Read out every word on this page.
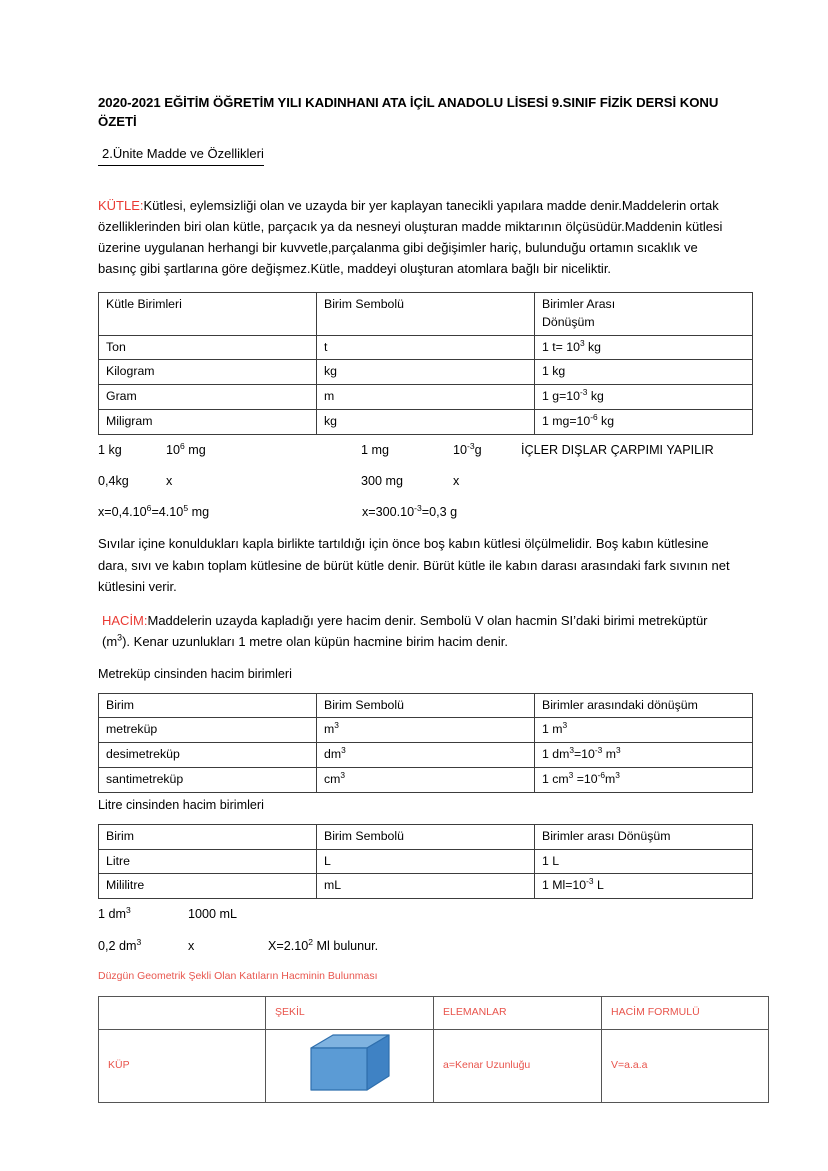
2020-2021 EĞİTİM ÖĞRETİM YILI KADINHANI ATA İÇİL ANADOLU LİSESİ 9.SINIF FİZİK DERSİ KONU ÖZETİ
2.Ünite Madde ve Özellikleri

KÜTLE:Kütlesi, eylemsizliği olan ve uzayda bir yer kaplayan tanecikli yapılara madde denir.Maddelerin ortak özelliklerinden biri olan kütle, parçacık ya da nesneyi oluşturan madde miktarının ölçüsüdür.Maddenin kütlesi üzerine uygulanan herhangi bir kuvvetle,parçalanma gibi değişimler hariç, bulunduğu ortamın sıcaklık ve basınç gibi şartlarına göre değişmez.Kütle, maddeyi oluşturan atomlara bağlı bir niceliktir.

Kütle Birimleri	Birim Sembolü	Birimler Arası
Dönüşüm
Ton	t	1 $t= 10^3$ kg
Kilogram	kg	1 kg
Gram	m	1 $g=10^{-3}$ kg
Miligram	kg	1 $mg=10^{-6}$ kg
1 kg	$10^6$ mg	1 mg	$10^{-3}g$	İÇLER DIŞLAR ÇARPIMI YAPILIR
0,4kg	x	300 mg	x
$x=0,4.10^6=4.10^5$ mg	$x=300.10^{-3}=0,3$ g

Sıvılar içine konuldukları kapla birlikte tartıldığı için önce boş kabın kütlesi ölçülmelidir. Boş kabın kütlesine dara, sıvı ve kabın toplam kütlesine de bürüt kütle denir. Bürüt kütle ile kabın darası arasındaki fark sıvının net kütlesini verir.

HACİM:Maddelerin uzayda kapladığı yere hacim denir. Sembolü V olan hacmin SI’daki birimi metreküptür $(m^3)$. Kenar uzunlukları 1 metre olan küpün hacmine birim hacim denir.

Metreküp cinsinden hacim birimleri
Birim	Birim Sembolü	Birimler arasındaki dönüşüm
metreküp	$m^3$	1 $m^3$
desimetreküp	$dm^3$	1 $dm^3=10^{-3}$ $m^3$
santimetreküp	$cm^3$	1 $cm^3 =10^{-6}m^3$
Litre cinsinden hacim birimleri
Birim	Birim Sembolü	Birimler arası Dönüşüm
Litre	L	1 L
Mililitre	mL	1 $Ml=10^{-3}$ L
1 $dm^3$	1000 mL
0,2 $dm^3$	x	$X=2.10^2$ Ml bulunur.
Düzgün Geometrik Şekli Olan Katıların Hacminin Bulunması
	ŞEKİL	ELEMANLAR	HACİM FORMULÜ
KÜP		a=Kenar Uzunluğu	V=a.a.a
